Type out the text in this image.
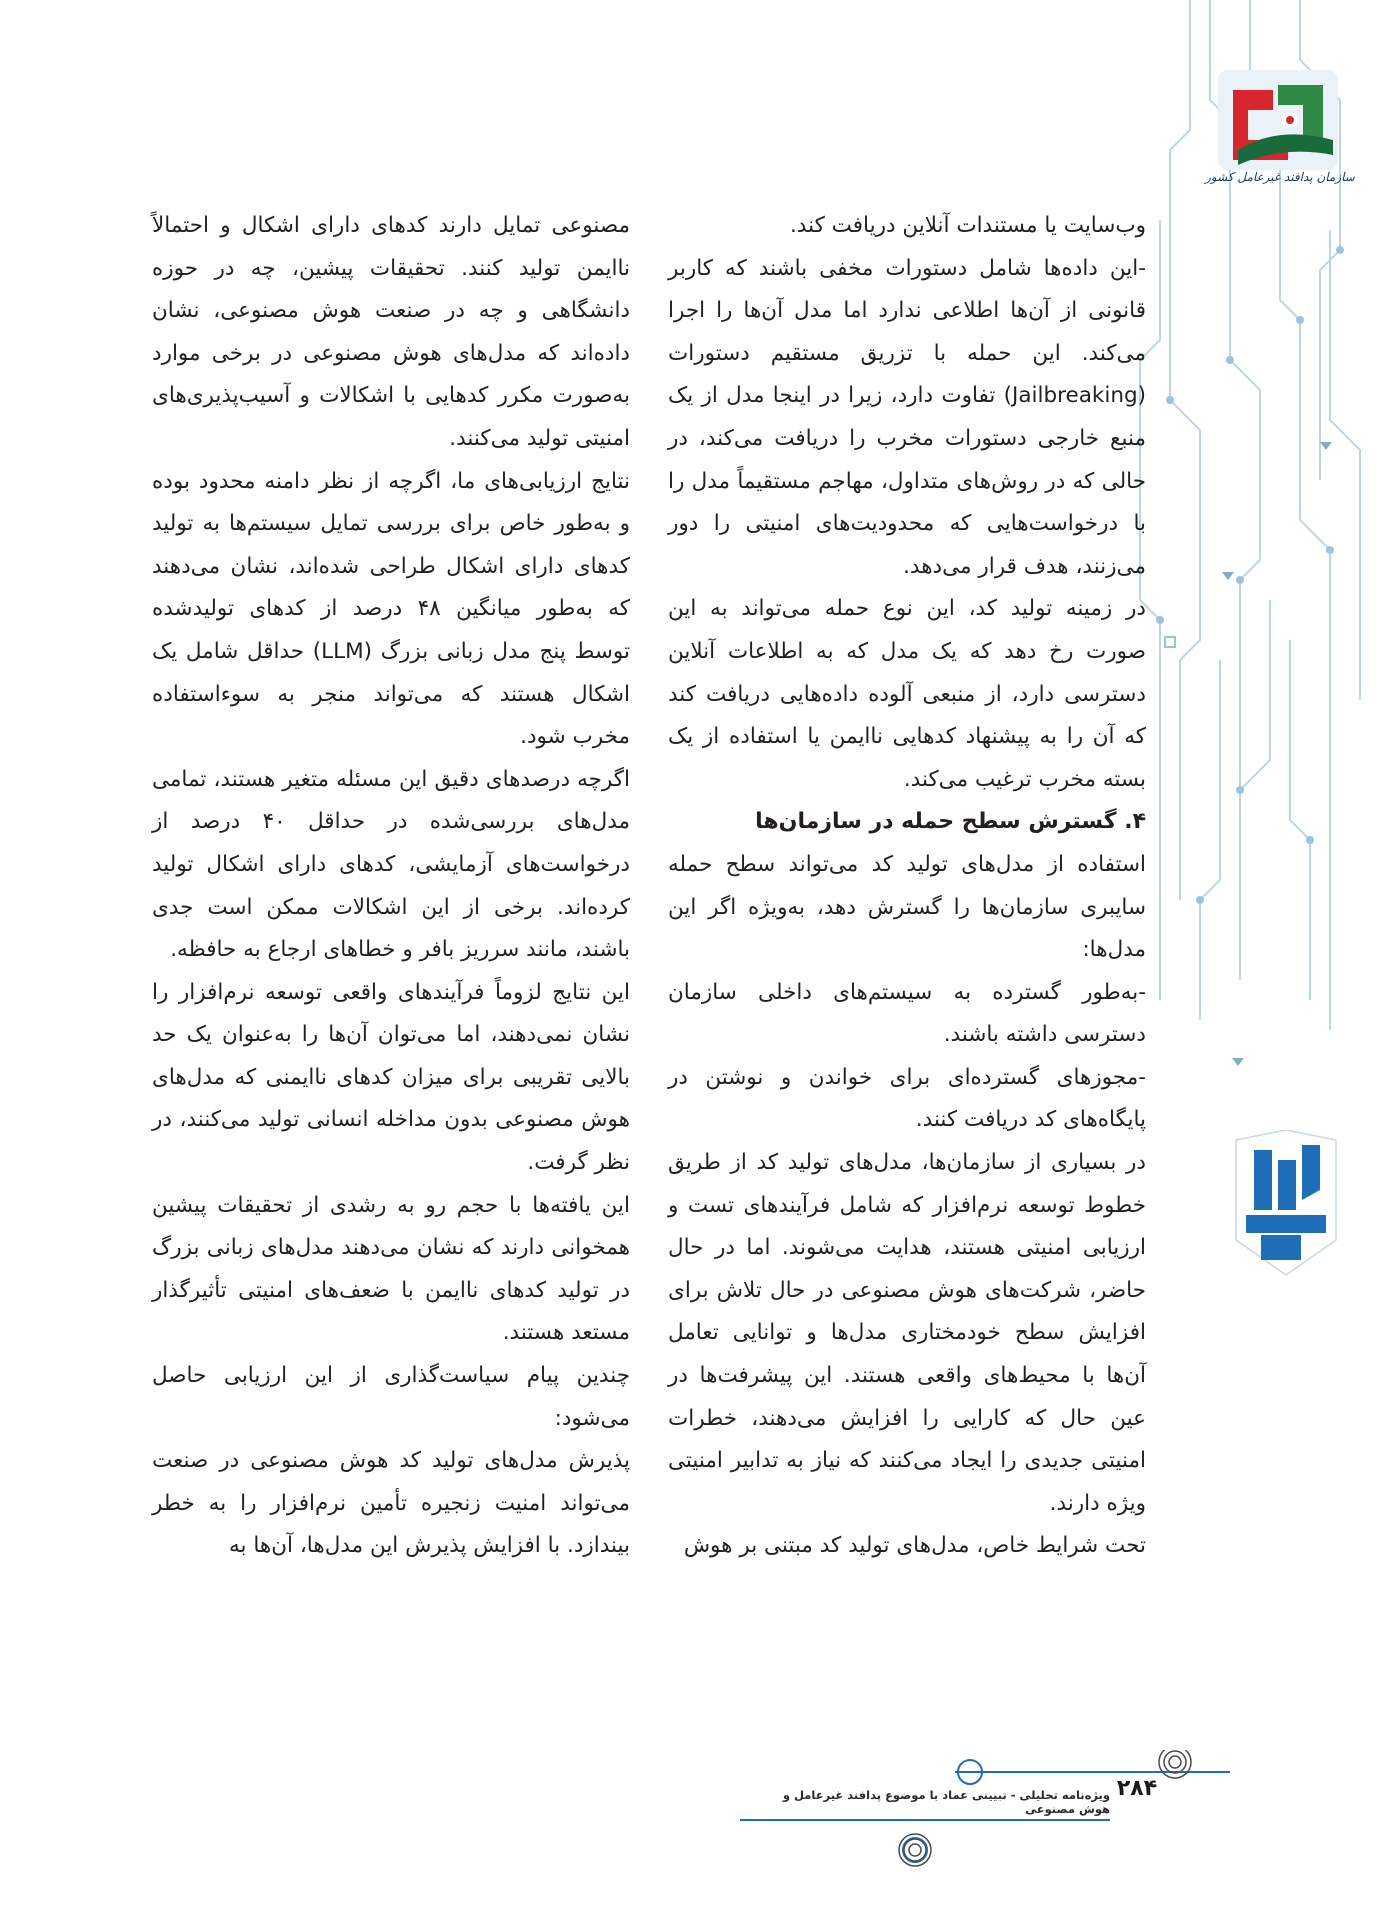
سازمان پدافند غیرعامل کشور

وب‌سایت یا مستندات آنلاین دریافت کند.

-این داده‌ها شامل دستورات مخفی باشند که کاربر قانونی از آن‌ها اطلاعی ندارد اما مدل آن‌ها را اجرا می‌کند. این حمله با تزریق مستقیم دستورات (Jailbreaking) تفاوت دارد، زیرا در اینجا مدل از یک منبع خارجی دستورات مخرب را دریافت می‌کند، در حالی که در روش‌های متداول، مهاجم مستقیماً مدل را با درخواست‌هایی که محدودیت‌های امنیتی را دور می‌زنند، هدف قرار می‌دهد.

در زمینه تولید کد، این نوع حمله می‌تواند به این صورت رخ دهد که یک مدل که به اطلاعات آنلاین دسترسی دارد، از منبعی آلوده داده‌هایی دریافت کند که آن را به پیشنهاد کدهایی ناایمن یا استفاده از یک بسته مخرب ترغیب می‌کند.

۴. گسترش سطح حمله در سازمان‌ها

استفاده از مدل‌های تولید کد می‌تواند سطح حمله سایبری سازمان‌ها را گسترش دهد، به‌ویژه اگر این مدل‌ها:

-به‌طور گسترده به سیستم‌های داخلی سازمان دسترسی داشته باشند.

-مجوزهای گسترده‌ای برای خواندن و نوشتن در پایگاه‌های کد دریافت کنند.

در بسیاری از سازمان‌ها، مدل‌های تولید کد از طریق خطوط توسعه نرم‌افزار که شامل فرآیندهای تست و ارزیابی امنیتی هستند، هدایت می‌شوند. اما در حال حاضر، شرکت‌های هوش مصنوعی در حال تلاش برای افزایش سطح خودمختاری مدل‌ها و توانایی تعامل آن‌ها با محیط‌های واقعی هستند. این پیشرفت‌ها در عین حال که کارایی را افزایش می‌دهند، خطرات امنیتی جدیدی را ایجاد می‌کنند که نیاز به تدابیر امنیتی ویژه دارند.

تحت شرایط خاص، مدل‌های تولید کد مبتنی بر هوش

مصنوعی تمایل دارند کدهای دارای اشکال و احتمالاً ناایمن تولید کنند. تحقیقات پیشین، چه در حوزه دانشگاهی و چه در صنعت هوش مصنوعی، نشان داده‌اند که مدل‌های هوش مصنوعی در برخی موارد به‌صورت مکرر کدهایی با اشکالات و آسیب‌پذیری‌های امنیتی تولید می‌کنند.

نتایج ارزیابی‌های ما، اگرچه از نظر دامنه محدود بوده و به‌طور خاص برای بررسی تمایل سیستم‌ها به تولید کدهای دارای اشکال طراحی شده‌اند، نشان می‌دهند که به‌طور میانگین ۴۸ درصد از کدهای تولیدشده توسط پنج مدل زبانی بزرگ (LLM) حداقل شامل یک اشکال هستند که می‌تواند منجر به سوءاستفاده مخرب شود.

اگرچه درصدهای دقیق این مسئله متغیر هستند، تمامی مدل‌های بررسی‌شده در حداقل ۴۰ درصد از درخواست‌های آزمایشی، کدهای دارای اشکال تولید کرده‌اند. برخی از این اشکالات ممکن است جدی باشند، مانند سرریز بافر و خطاهای ارجاع به حافظه.

این نتایج لزوماً فرآیندهای واقعی توسعه نرم‌افزار را نشان نمی‌دهند، اما می‌توان آن‌ها را به‌عنوان یک حد بالایی تقریبی برای میزان کدهای ناایمنی که مدل‌های هوش مصنوعی بدون مداخله انسانی تولید می‌کنند، در نظر گرفت.

این یافته‌ها با حجم رو به رشدی از تحقیقات پیشین همخوانی دارند که نشان می‌دهند مدل‌های زبانی بزرگ در تولید کدهای ناایمن با ضعف‌های امنیتی تأثیرگذار مستعد هستند.

چندین پیام سیاست‌گذاری از این ارزیابی حاصل می‌شود:

پذیرش مدل‌های تولید کد هوش مصنوعی در صنعت می‌تواند امنیت زنجیره تأمین نرم‌افزار را به خطر بیندازد. با افزایش پذیرش این مدل‌ها، آن‌ها به

۲۸۴
ویژه‌نامه تحلیلی - تبیینی عماد با موضوع پدافند غیرعامل و هوش مصنوعی
